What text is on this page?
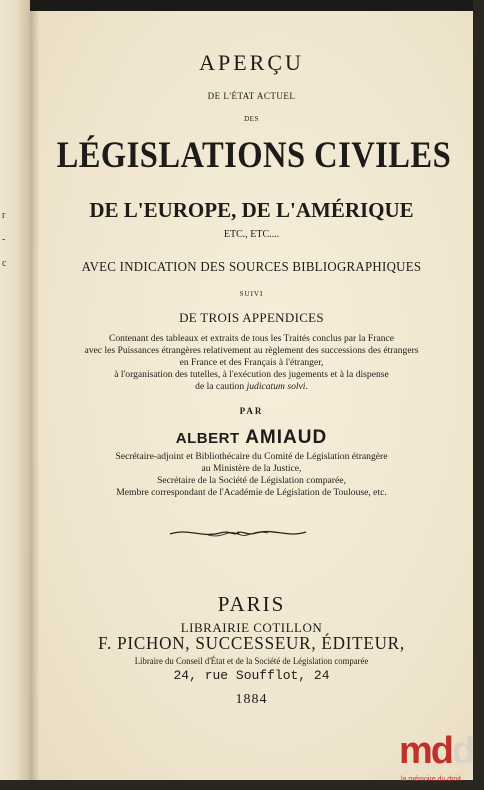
r
-
c

APERÇU

DE L'ÉTAT ACTUEL

DES

LÉGISLATIONS CIVILES

DE L'EUROPE, DE L'AMÉRIQUE

ETC., ETC....

AVEC INDICATION DES SOURCES BIBLIOGRAPHIQUES

SUIVI

DE TROIS APPENDICES

Contenant des tableaux et extraits de tous les Traités conclus par la France

avec les Puissances étrangères relativement au règlement des successions des étrangers

en France et des Français à l'étranger,

à l'organisation des tutelles, à l'exécution des jugements et à la dispense

de la caution judicatum solvi.

PAR

ALBERT AMIAUD

Secrétaire-adjoint et Bibliothécaire du Comité de Législation étrangère

au Ministère de la Justice,

Secrétaire de la Société de Législation comparée,

Membre correspondant de l'Académie de Législation de Toulouse, etc.

PARIS

LIBRAIRIE COTILLON

F. PICHON, SUCCESSEUR, ÉDITEUR,

Libraire du Conseil d'État et de la Société de Législation comparée

24, rue Soufflot, 24

1884

mdd
la mémoire du droit
